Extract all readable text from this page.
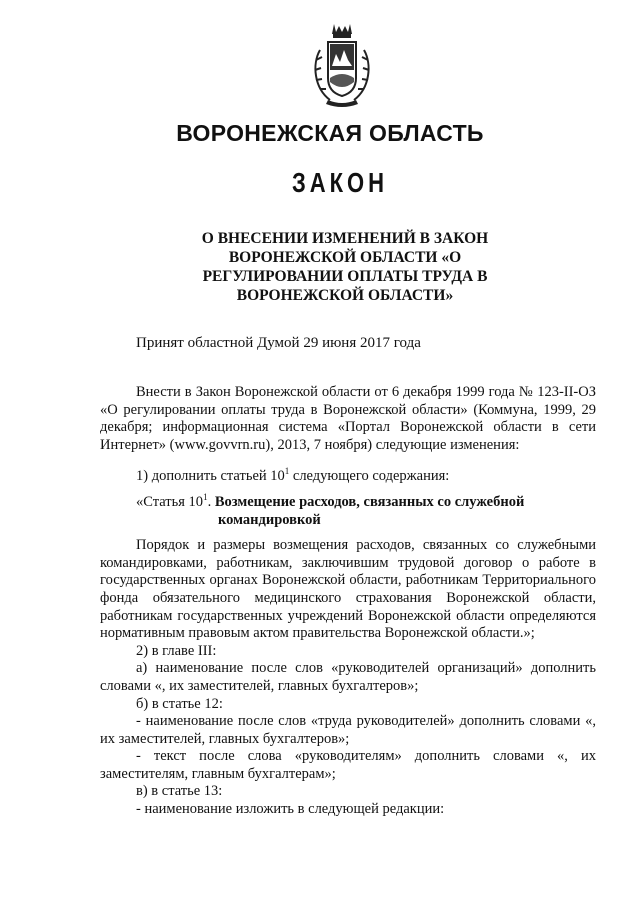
ВОРОНЕЖСКАЯ ОБЛАСТЬ
ЗАКОН
О ВНЕСЕНИИ ИЗМЕНЕНИЙ В ЗАКОН
ВОРОНЕЖСКОЙ ОБЛАСТИ «О
РЕГУЛИРОВАНИИ ОПЛАТЫ ТРУДА В
ВОРОНЕЖСКОЙ ОБЛАСТИ»
Принят областной Думой 29 июня 2017 года

Внести в Закон Воронежской области от 6 декабря 1999 года № 123-II-ОЗ «О регулировании оплаты труда в Воронежской области» (Коммуна, 1999, 29 декабря; информационная система «Портал Воронежской области в сети Интернет» (www.govvrn.ru), 2013, 7 ноября) следующие изменения:

1) дополнить статьей $10^1$ следующего содержания:

«Статья $10^1$. Возмещение расходов, связанных со служебной

командировкой

Порядок и размеры возмещения расходов, связанных со служебными командировками, работникам, заключившим трудовой договор о работе в государственных органах Воронежской области, работникам Территориального фонда обязательного медицинского страхования Воронежской области, работникам государственных учреждений Воронежской области определяются нормативным правовым актом правительства Воронежской области.»;

2) в главе III:

а) наименование после слов «руководителей организаций» дополнить словами «, их заместителей, главных бухгалтеров»;

б) в статье 12:

- наименование после слов «труда руководителей» дополнить словами «, их заместителей, главных бухгалтеров»;

- текст после слова «руководителям» дополнить словами «, их заместителям, главным бухгалтерам»;

в) в статье 13:

- наименование изложить в следующей редакции:
